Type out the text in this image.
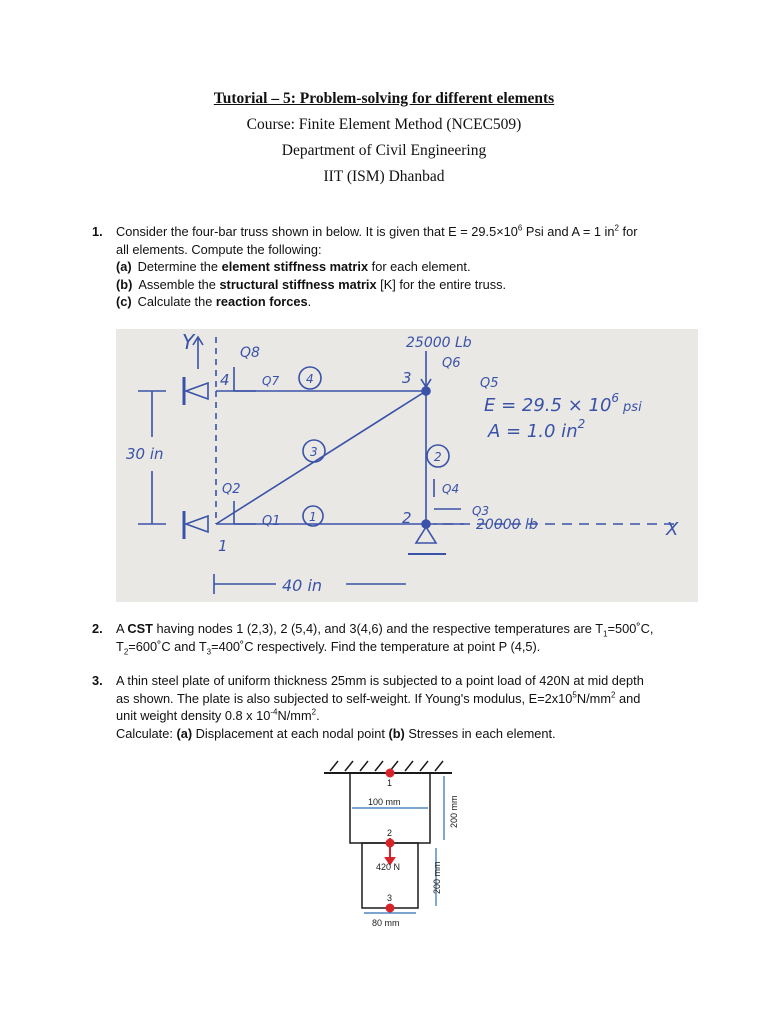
Tutorial – 5: Problem-solving for different elements
Course: Finite Element Method (NCEC509)
Department of Civil Engineering
IIT (ISM) Dhanbad
1. Consider the four-bar truss shown in below. It is given that $E = 29.5\times 10^6$ Psi and A = 1 $in^2$ for
all elements. Compute the following:
(a) Determine the element stiffness matrix for each element.
(b) Assemble the structural stiffness matrix [K] for the entire truss.
(c) Calculate the reaction forces.
Y
X
Q8
Q7
Q6
Q5
Q4
Q3
Q2
Q1
1
2
3
4
1
2
3
4
25000 Lb
20000 lb
30 in
40 in
$E = 29.5 \times 10^6_{psi}$
A = 1.0 $in^2$
2. A CST having nodes 1 (2,3), 2 (5,4), and 3(4,6) and the respective temperatures are $T_1=500˚C$,
$T_2=600˚C$ and $T_3=400˚C$ respectively. Find the temperature at point P (4,5).
3. A thin steel plate of uniform thickness 25mm is subjected to a point load of 420N at mid depth
as shown. The plate is also subjected to self-weight. If Young's modulus, $E=2x10^5N/mm^2$ and
unit weight density 0.8 x $10^{-4}N/mm^2$.
Calculate: (a) Displacement at each nodal point (b) Stresses in each element.
1
2
3
100 mm
420 N
80 mm
200 mm
200 mm
